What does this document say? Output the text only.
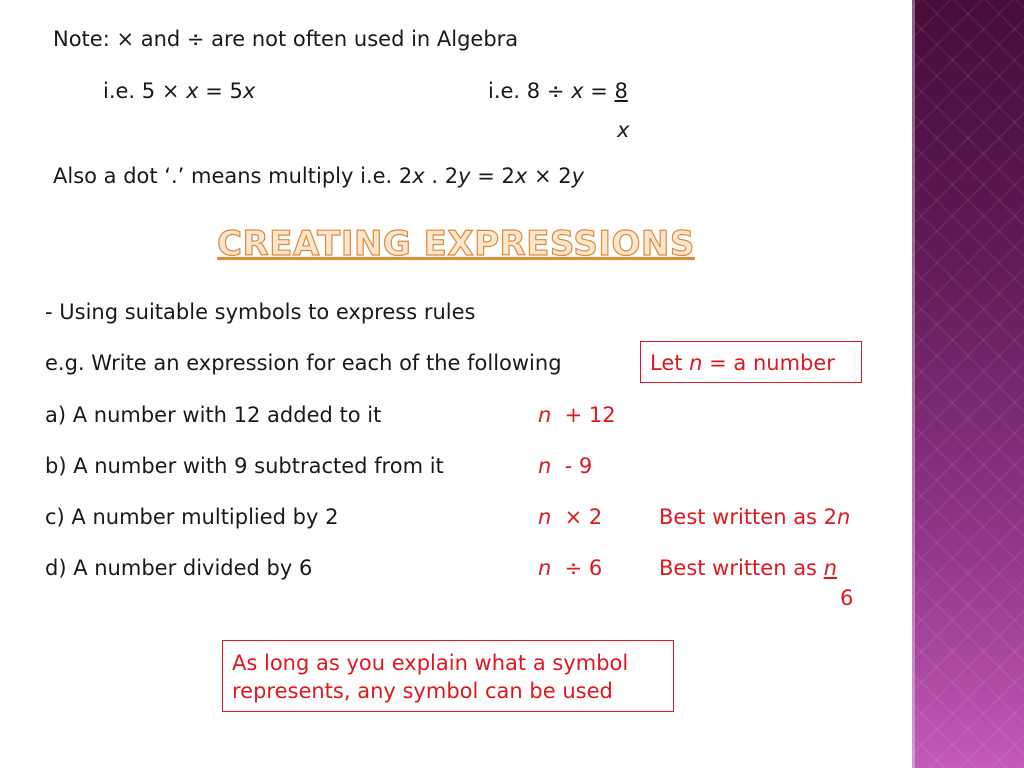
Note: × and ÷ are not often used in Algebra
i.e. 5 × x = 5x	i.e. 8 ÷ x = 8
x
Also a dot ‘.’ means multiply i.e. 2x . 2y = 2x × 2y
CREATING EXPRESSIONS
- Using suitable symbols to express rules
e.g. Write an expression for each of the following	Let n = a number
a) A number with 12 added to it	n  + 12
b) A number with 9 subtracted from it	n  - 9
c) A number multiplied by 2	n  × 2	Best written as 2n
d) A number divided by 6	n  ÷ 6	Best written as n
6
As long as you explain what a symbol
represents, any symbol can be used
